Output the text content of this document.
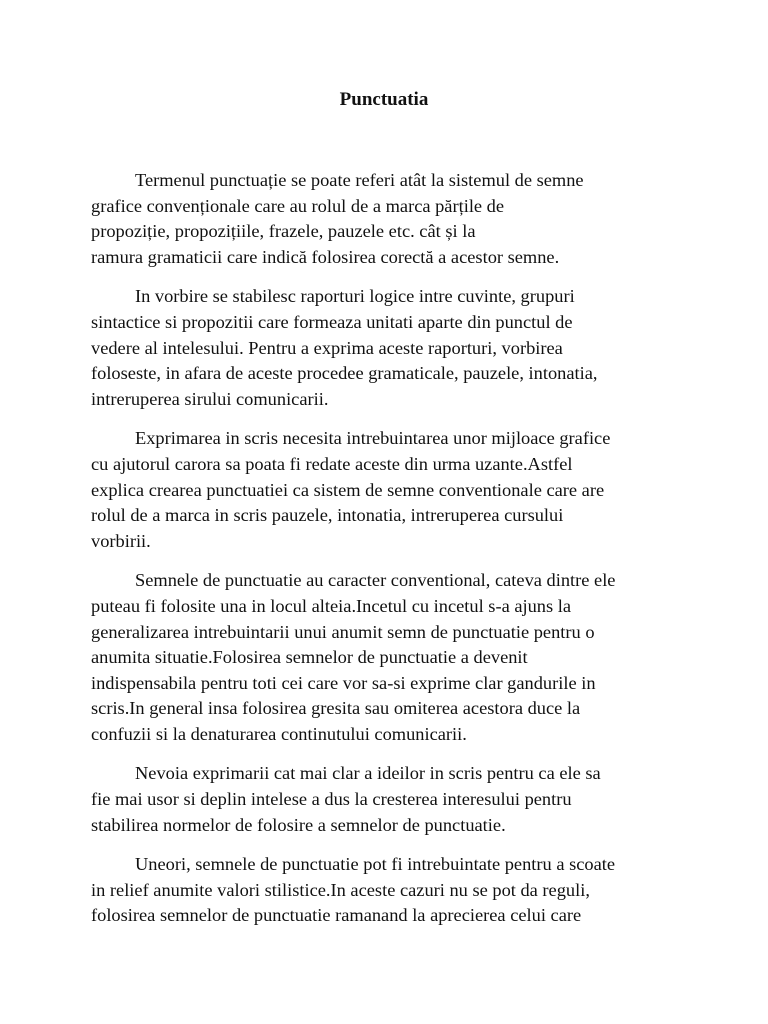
Punctuatia

Termenul punctuație se poate referi atât la sistemul de semne
grafice convenționale care au rolul de a marca părțile de
propoziție, propozițiile, frazele, pauzele etc. cât și la
ramura gramaticii care indică folosirea corectă a acestor semne.

In vorbire se stabilesc raporturi logice intre cuvinte, grupuri
sintactice si propozitii care formeaza unitati aparte din punctul de
vedere al intelesului. Pentru a exprima aceste raporturi, vorbirea
foloseste, in afara de aceste procedee gramaticale, pauzele, intonatia,
intreruperea sirului comunicarii.

Exprimarea in scris necesita intrebuintarea unor mijloace grafice
cu ajutorul carora sa poata fi redate aceste din urma uzante.Astfel
explica crearea punctuatiei ca sistem de semne conventionale care are
rolul de a marca in scris pauzele, intonatia, intreruperea cursului
vorbirii.

Semnele de punctuatie au caracter conventional, cateva dintre ele
puteau fi folosite una in locul alteia.Incetul cu incetul s-a ajuns la
generalizarea intrebuintarii unui anumit semn de punctuatie pentru o
anumita situatie.Folosirea semnelor de punctuatie a devenit
indispensabila pentru toti cei care vor sa-si exprime clar gandurile in
scris.In general insa folosirea gresita sau omiterea acestora duce la
confuzii si la denaturarea continutului comunicarii.

Nevoia exprimarii cat mai clar a ideilor in scris pentru ca ele sa
fie mai usor si deplin intelese a dus la cresterea interesului pentru
stabilirea normelor de folosire a semnelor de punctuatie.

Uneori, semnele de punctuatie pot fi intrebuintate pentru a scoate
in relief anumite valori stilistice.In aceste cazuri nu se pot da reguli,
folosirea semnelor de punctuatie ramanand la aprecierea celui care
